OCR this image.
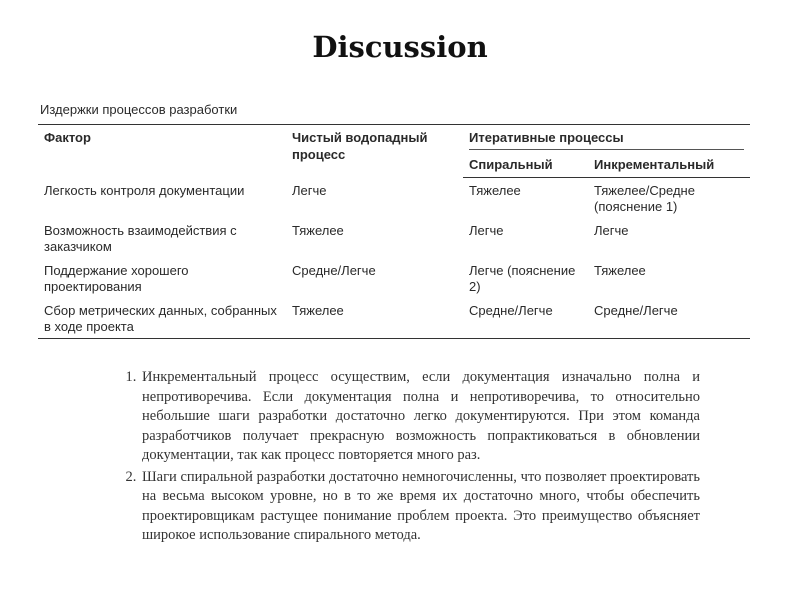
Discussion
Издержки процессов разработки
Фактор	Чистый водопадный процесс	Итеративные процессы	

		Спиральный	Инкрементальный
Легкость контроля документации	Легче	Тяжелее	Тяжелее/Средне (пояснение 1)
Возможность взаимодействия с заказчиком	Тяжелее	Легче	Легче
Поддержание хорошего проектирования	Средне/Легче	Легче (пояснение 2)	Тяжелее
Сбор метрических данных, собранных в ходе проекта	Тяжелее	Средне/Легче	Средне/Легче
1. Инкрементальный процесс осуществим, если документация изначально полна и непротиворечива. Если документация полна и непротиворечива, то относительно небольшие шаги разработки достаточно легко документируются. При этом команда разработчиков получает прекрасную возможность попрактиковаться в обновлении документации, так как процесс повторяется много раз.
2. Шаги спиральной разработки достаточно немногочисленны, что позволяет проектировать на весьма высоком уровне, но в то же время их достаточно много, чтобы обеспечить проектировщикам растущее понимание проблем проекта. Это преимущество объясняет широкое использование спирального метода.
